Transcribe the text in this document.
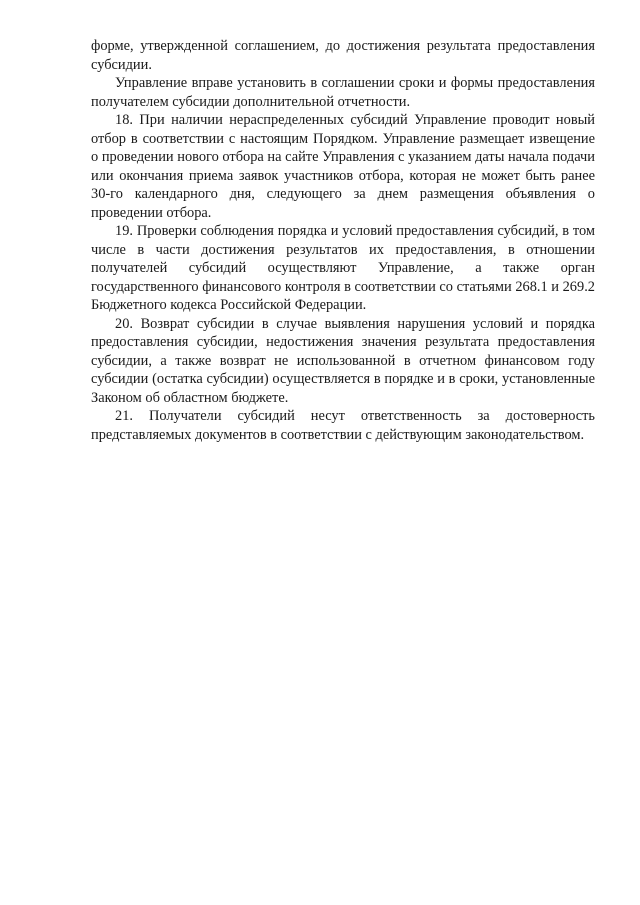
форме, утвержденной соглашением, до достижения результата предоставления субсидии.

Управление вправе установить в соглашении сроки и формы предоставления получателем субсидии дополнительной отчетности.

18. При наличии нераспределенных субсидий Управление проводит новый отбор в соответствии с настоящим Порядком. Управление размещает извещение о проведении нового отбора на сайте Управления с указанием даты начала подачи или окончания приема заявок участников отбора, которая не может быть ранее 30-го календарного дня, следующего за днем размещения объявления о проведении отбора.

19. Проверки соблюдения порядка и условий предоставления субсидий, в том числе в части достижения результатов их предоставления, в отношении получателей субсидий осуществляют Управление, а также орган государственного финансового контроля в соответствии со статьями 268.1 и 269.2 Бюджетного кодекса Российской Федерации.

20. Возврат субсидии в случае выявления нарушения условий и порядка предоставления субсидии, недостижения значения результата предоставления субсидии, а также возврат не использованной в отчетном финансовом году субсидии (остатка субсидии) осуществляется в порядке и в сроки, установленные Законом об областном бюджете.

21. Получатели субсидий несут ответственность за достоверность представляемых документов в соответствии с действующим законодательством.
